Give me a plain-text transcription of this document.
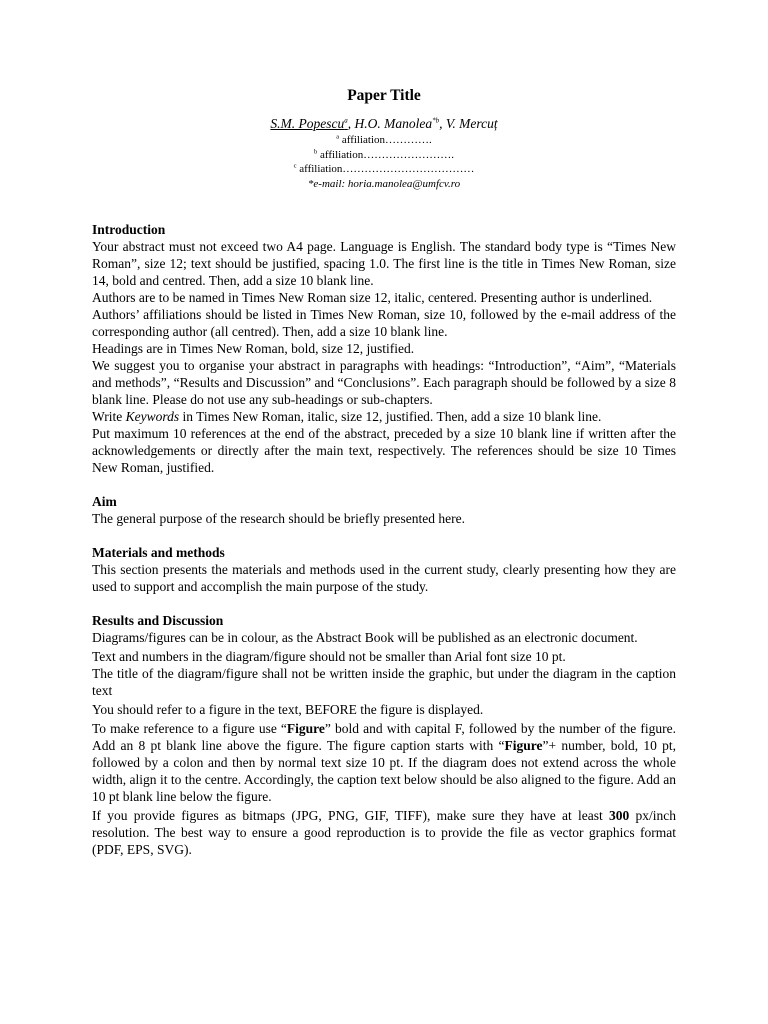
Paper Title
S.M. Popescu$^a$, H.O. Manolea$^{*b}$, V. Mercuț
$^a$ affiliation………….
$^b$ affiliation…………………….
$^c$ affiliation………………………………
*e-mail: horia.manolea@umfcv.ro
Introduction

Your abstract must not exceed two A4 page. Language is English. The standard body type is “Times New Roman”, size 12; text should be justified, spacing 1.0. The first line is the title in Times New Roman, size 14, bold and centred. Then, add a size 10 blank line.

Authors are to be named in Times New Roman size 12, italic, centered. Presenting author is underlined.

Authors’ affiliations should be listed in Times New Roman, size 10, followed by the e-mail address of the corresponding author (all centred). Then, add a size 10 blank line.

Headings are in Times New Roman, bold, size 12, justified.

We suggest you to organise your abstract in paragraphs with headings: “Introduction”, “Aim”, “Materials and methods”, “Results and Discussion” and “Conclusions”. Each paragraph should be followed by a size 8 blank line. Please do not use any sub-headings or sub-chapters.

Write Keywords in Times New Roman, italic, size 12, justified. Then, add a size 10 blank line.

Put maximum 10 references at the end of the abstract, preceded by a size 10 blank line if written after the acknowledgements or directly after the main text, respectively. The references should be size 10 Times New Roman, justified.

Aim

The general purpose of the research should be briefly presented here.

Materials and methods

This section presents the materials and methods used in the current study, clearly presenting how they are used to support and accomplish the main purpose of the study.

Results and Discussion

Diagrams/figures can be in colour, as the Abstract Book will be published as an electronic document.

Text and numbers in the diagram/figure should not be smaller than Arial font size 10 pt.

The title of the diagram/figure shall not be written inside the graphic, but under the diagram in the caption text

You should refer to a figure in the text, BEFORE the figure is displayed.

To make reference to a figure use “Figure” bold and with capital F, followed by the number of the figure. Add an 8 pt blank line above the figure. The figure caption starts with “Figure”+ number, bold, 10 pt, followed by a colon and then by normal text size 10 pt. If the diagram does not extend across the whole width, align it to the centre. Accordingly, the caption text below should be also aligned to the figure. Add an 10 pt blank line below the figure.

If you provide figures as bitmaps (JPG, PNG, GIF, TIFF), make sure they have at least 300 px/inch resolution. The best way to ensure a good reproduction is to provide the file as vector graphics format (PDF, EPS, SVG).
